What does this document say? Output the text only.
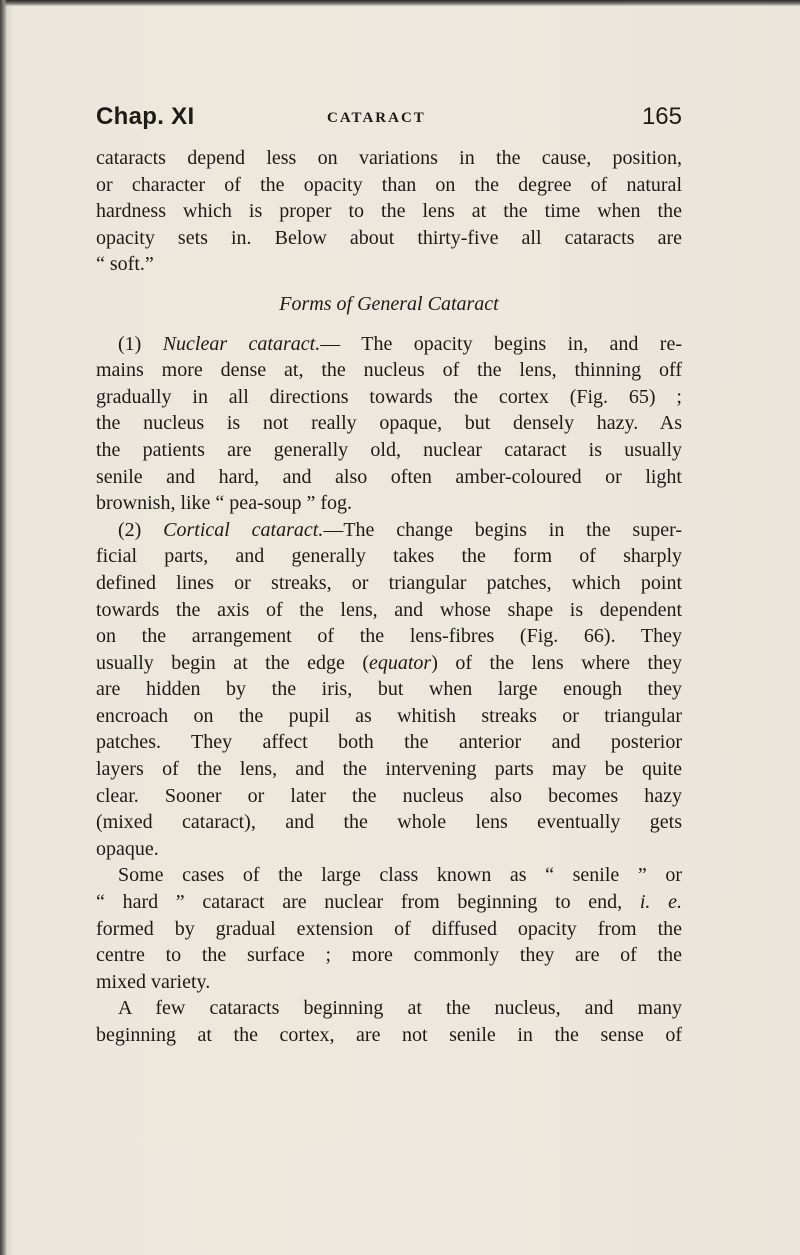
Chap. XI	CATARACT	165
cataracts depend less on variations in the cause, position,
or character of the opacity than on the degree of natural
hardness which is proper to the lens at the time when the
opacity sets in. Below about thirty-five all cataracts are
“ soft.”
Forms of General Cataract
(1) Nuclear cataract.— The opacity begins in, and re-
mains more dense at, the nucleus of the lens, thinning off
gradually in all directions towards the cortex (Fig. 65) ;
the nucleus is not really opaque, but densely hazy. As
the patients are generally old, nuclear cataract is usually
senile and hard, and also often amber-coloured or light
brownish, like “ pea-soup ” fog.
(2) Cortical cataract.—The change begins in the super-
ficial parts, and generally takes the form of sharply
defined lines or streaks, or triangular patches, which point
towards the axis of the lens, and whose shape is dependent
on the arrangement of the lens-fibres (Fig. 66). They
usually begin at the edge (equator) of the lens where they
are hidden by the iris, but when large enough they
encroach on the pupil as whitish streaks or triangular
patches. They affect both the anterior and posterior
layers of the lens, and the intervening parts may be quite
clear. Sooner or later the nucleus also becomes hazy
(mixed cataract), and the whole lens eventually gets
opaque.
Some cases of the large class known as “ senile ” or
“ hard ” cataract are nuclear from beginning to end, i. e.
formed by gradual extension of diffused opacity from the
centre to the surface ; more commonly they are of the
mixed variety.
A few cataracts beginning at the nucleus, and many
beginning at the cortex, are not senile in the sense of
